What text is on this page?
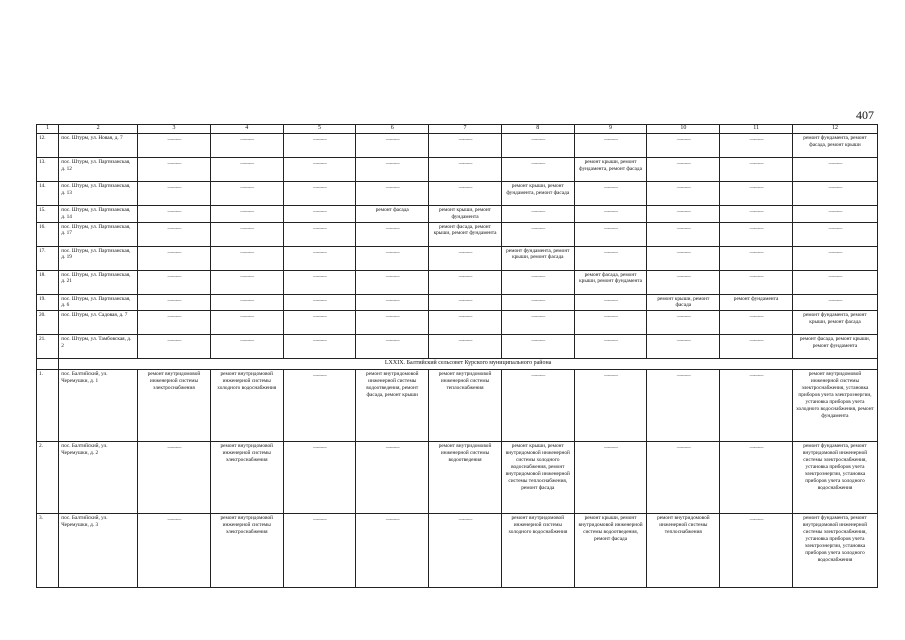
407
1	2	3	4	5	6	7	8	9	10	11	12
12.	пос. Штурм, ул. Новая, д. 7	———	———	———	———	———	———	———	———	———	ремонт фундамента, ремонт фасада, ремонт крыши
13.	пос. Штурм, ул. Партизанская, д. 12	———	———	———	———	———	———	ремонт крыши, ремонт фундамента, ремонт фасада	———	———	———

14.	пос. Штурм, ул. Партизанская, д. 13	———	———	———	———	———	ремонт крыши, ремонт фундамента, ремонт фасада	———	———	———	———

15.	пос. Штурм, ул. Партизанская, д. 14	———	———	———	ремонт фасада	ремонт крыши, ремонт фундамента	———	———	———	———	———

16.	пос. Штурм, ул. Партизанская, д. 17	———	———	———	———	ремонт фасада, ремонт крыши, ремонт фундамента	———	———	———	———	———

17.	пос. Штурм, ул. Партизанская, д. 19	———	———	———	———	———	ремонт фундамента, ремонт крыши, ремонт фасада	———	———	———	———

18.	пос. Штурм, ул. Партизанская, д. 21	———	———	———	———	———	———	ремонт фасада, ремонт крыши, ремонт фундамента	———	———	———

19.	пос. Штурм, ул. Партизанская, д. 6	———	———	———	———	———	———	———	ремонт крыши, ремонт фасада	ремонт фундамента	———

20.	пос. Штурм, ул. Садовая, д. 7	———	———	———	———	———	———	———	———	———	ремонт фундамента, ремонт крыши, ремонт фасада
21.	пос. Штурм, ул. Тамбовская, д. 2	———	———	———	———	———	———	———	———	———	ремонт фасада, ремонт крыши, ремонт фундамента
	LXXIX. Балтийский сельсовет Курского муниципального района										
1.	пос. Балтийский, ул. Черемушки, д. 1	ремонт внутридомовой инженерной системы электроснабжения	ремонт внутридомовой инженерной системы холодного водоснабжения	———	ремонт внутридомовой инженерной системы водоотведения, ремонт фасада, ремонт крыши	ремонт внутридомовой инженерной системы теплоснабжения	———	———	———	———	ремонт внутридомовой инженерной системы электроснабжения, установка приборов учета электроэнергии, установка приборов учета холодного водоснабжения, ремонт фундамента
2.	пос. Балтийский, ул. Черемушки, д. 2	———	ремонт внутридомовой инженерной системы электроснабжения	———	———	ремонт внутридомовой инженерной системы водоотведения	ремонт крыши, ремонт внутридомовой инженерной системы холодного водоснабжения, ремонт внутридомовой инженерной системы теплоснабжения, ремонт фасада	———	———	———	ремонт фундамента, ремонт внутридомовой инженерной системы электроснабжения, установка приборов учета электроэнергии, установка приборов учета холодного водоснабжения
3.	пос. Балтийский, ул. Черемушки, д. 3	———	ремонт внутридомовой инженерной системы электроснабжения	———	———	———	ремонт внутридомовой инженерной системы холодного водоснабжения	ремонт крыши, ремонт внутридомовой инженерной системы водоотведения, ремонт фасада	ремонт внутридомовой инженерной системы теплоснабжения	———	ремонт фундамента, ремонт внутридомовой инженерной системы электроснабжения, установка приборов учета электроэнергии, установка приборов учета холодного водоснабжения
